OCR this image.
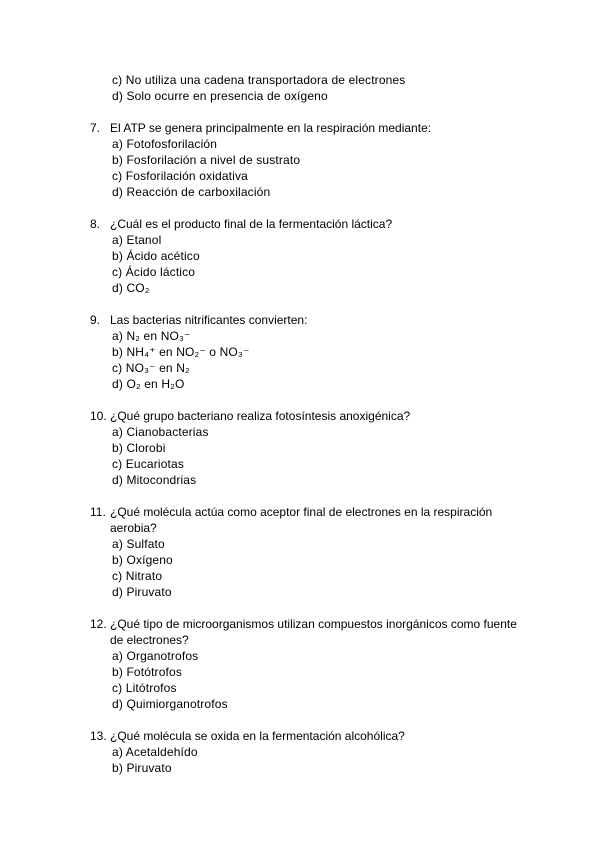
c) No utiliza una cadena transportadora de electrones
d) Solo ocurre en presencia de oxígeno
7. El ATP se genera principalmente en la respiración mediante:
a) Fotofosforilación
b) Fosforilación a nivel de sustrato
c) Fosforilación oxidativa
d) Reacción de carboxilación
8. ¿Cuál es el producto final de la fermentación láctica?
a) Etanol
b) Ácido acético
c) Ácido láctico
d) CO₂
9. Las bacterias nitrificantes convierten:
a) N₂ en NO₃⁻
b) NH₄⁺ en NO₂⁻ o NO₃⁻
c) NO₃⁻ en N₂
d) O₂ en H₂O
10. ¿Qué grupo bacteriano realiza fotosíntesis anoxigénica?
a) Cianobacterias
b) Clorobi
c) Eucariotas
d) Mitocondrias
11. ¿Qué molécula actúa como aceptor final de electrones en la respiración
aerobia?
a) Sulfato
b) Oxígeno
c) Nitrato
d) Piruvato
12. ¿Qué tipo de microorganismos utilizan compuestos inorgánicos como fuente
de electrones?
a) Organotrofos
b) Fotótrofos
c) Litótrofos
d) Quimiorganotrofos
13. ¿Qué molécula se oxida en la fermentación alcohólica?
a) Acetaldehído
b) Piruvato
